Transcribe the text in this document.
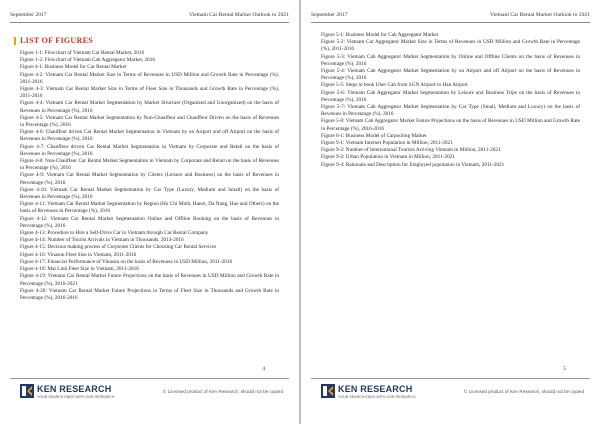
September 2017	Vietnam Car Rental Market Outlook to 2021
LIST OF FIGURES

Figure 1-1: Flowchart of Vietnam Car Rental Market, 2016

Figure 1-2: Flowchart of Vietnam Cab Aggregator Market, 2016

Figure 4-1: Business Model for Car Rental Market

Figure 4-2: Vietnam Car Rental Market Size in Terms of Revenues in USD Million and Growth Rate in Percentage (%), 2011-2016

Figure 4-3: Vietnam Car Rental Market Size in Terms of Fleet Size in Thousands and Growth Rate in Percentage (%), 2011-2016

Figure 4-4: Vietnam Car Rental Market Segmentation by Market Structure (Organized and Unorganized) on the basis of Revenues in Percentage (%), 2016

Figure 4-5: Vietnam Car Rental Market Segmentation by Non-Chauffeur and Chauffeur Driven on the basis of Revenues in Percentage (%), 2016

Figure 4-6: Chauffeur driven Car Rental Market Segmentation in Vietnam by on Airport and off Airport on the basis of Revenues in Percentage (%), 2016

Figure 4-7: Chauffeur driven Car Rental Market Segmentation in Vietnam by Corporate and Retail on the basis of Revenues in Percentage (%), 2016

Figure 4-8: Non-Chauffeur Car Rental Market Segmentation in Vietnam by Corporate and Retail on the basis of Revenues in Percentage (%), 2016

Figure 4-9: Vietnam Car Rental Market Segmentation by Clients (Leisure and Business) on the basis of Revenues in Percentage (%), 2016

Figure 4-10: Vietnam Car Rental Market Segmentation by Car Type (Luxury, Medium and Small) on the basis of Revenues in Percentage (%), 2016

Figure 4-11: Vietnam Car Rental Market Segmentation by Region (Ho Chi Minh, Hanoi, Da Nang, Hue and Others) on the basis of Revenues in Percentage (%), 2016

Figure 4-12: Vietnam Car Rental Market Segmentation Online and Offline Booking on the basis of Revenues in Percentage (%), 2016

Figure 4-13: Procedure to Hire a Self-Drive Car in Vietnam through Car Rental Company

Figure 4-14: Number of Tourist Arrivals in Vietnam in Thousands, 2014-2016

Figure 4-15: Decision making process of Corporate Clients for Choosing Car Rental Services

Figure 4-16: Vinasun Fleet Size in Vietnam, 2011-2016

Figure 4-17: Financial Performance of Vinasun on the basis of Revenues in USD Million, 2011-2016

Figure 4-18: Mai Linh Fleet Size in Vietnam, 2011-2016

Figure 4-19: Vietnam Car Rental Market Future Projections on the basis of Revenues in USD Million and Growth Rate in Percentage (%), 2016-2021

Figure 4-20: Vietnam Car Rental Market Future Projections in Terms of Fleet Size in Thousands and Growth Rate in Percentage (%), 2016-2016

4
KEN RESEARCH
YOUR SEARCH ENDS WITH OUR RESEARCH
© Licensed product of Ken Research, should not be copied
September 2017	Vietnam Car Rental Market Outlook to 2021

Figure 5-1: Business Model for Cab Aggregator Market

Figure 5-2: Vietnam Car Aggregator Market Size in Terms of Revenues in USD Million and Growth Rate in Percentage (%), 2011-2016

Figure 5-3: Vietnam Cab Aggregator Market Segmentation by Online and Offline Clients on the basis of Revenues in Percentage (%), 2016

Figure 5-4: Vietnam Cab Aggregator Market Segmentation by on Airport and off Airport on the basis of Revenues in Percentage (%), 2016

Figure 5-5: Steps to book Uber Cab from SGN Airport to Han Airport

Figure 5-6: Vietnam Cab Aggregator Market Segmentation by Leisure and Business Trips on the basis of Revenues in Percentage (%), 2016

Figure 5-7: Vietnam Cab Aggregator Market Segmentation by Car Type (Small, Medium and Luxury) on the basis of Revenues in Percentage (%), 2016

Figure 5-8: Vietnam Cab Aggregator Market Future Projections on the basis of Revenues in USD Million and Growth Rate in Percentage (%), 2016-2016

Figure 6-1: Business Model of Carpooling Market

Figure 9-1: Vietnam Internet Population in Million, 2011-2021

Figure 9-2: Number of International Tourists Arriving Vietnam in Million, 2011-2021

Figure 9-3: Urban Population in Vietnam in Million, 2011-2021

Figure 9-4: Rationale and Description for Employed population in Vietnam, 2011-2021

5
KEN RESEARCH
YOUR SEARCH ENDS WITH OUR RESEARCH
© Licensed product of Ken Research, should not be copied
